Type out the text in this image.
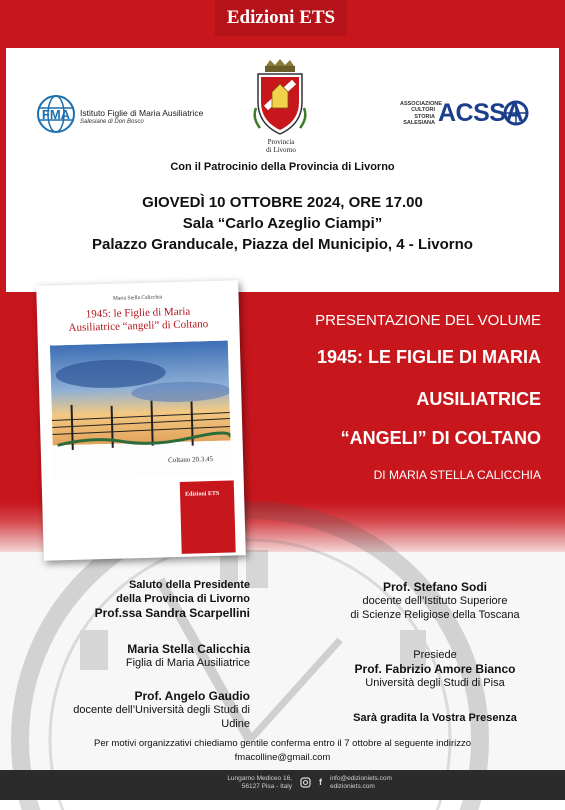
Edizioni ETS
FMA Istituto Figlie di Maria Ausiliatrice
Salesiane di Don Bosco
Provincia
di Livorno
ASSOCIAZIONE
CULTORI
STORIA
SALESIANA ACSSA
Con il Patrocinio della Provincia di Livorno
GIOVEDÌ 10 OTTOBRE 2024, ORE 17.00
Sala “Carlo Azeglio Ciampi”
Palazzo Granducale, Piazza del Municipio, 4 - Livorno
Maria Stella Calicchia
1945: le Figlie di Maria
Ausiliatrice “angeli” di Coltano
Coltano 20.3.45
Edizioni ETS
PRESENTAZIONE DEL VOLUME
1945: LE FIGLIE DI MARIA
AUSILIATRICE
“ANGELI” DI COLTANO
DI MARIA STELLA CALICCHIA
Saluto della Presidente
della Provincia di Livorno
Prof.ssa Sandra Scarpellini
Maria Stella Calicchia
Figlia di Maria Ausiliatrice
Prof. Angelo Gaudio
docente dell’Università degli Studi di
Udine
Prof. Stefano Sodi
docente dell’Istituto Superiore
di Scienze Religiose della Toscana
Presiede
Prof. Fabrizio Amore Bianco
Università degli Studi di Pisa
Sarà gradita la Vostra Presenza
Per motivi organizzativi chiediamo gentile conferma entro il 7 ottobre al seguente indirizzo
fmacolline@gmail.com
Lungarno Mediceo 16,
56127 Pisa - Italy	f	info@edizioniets.com
edizioniets.com
